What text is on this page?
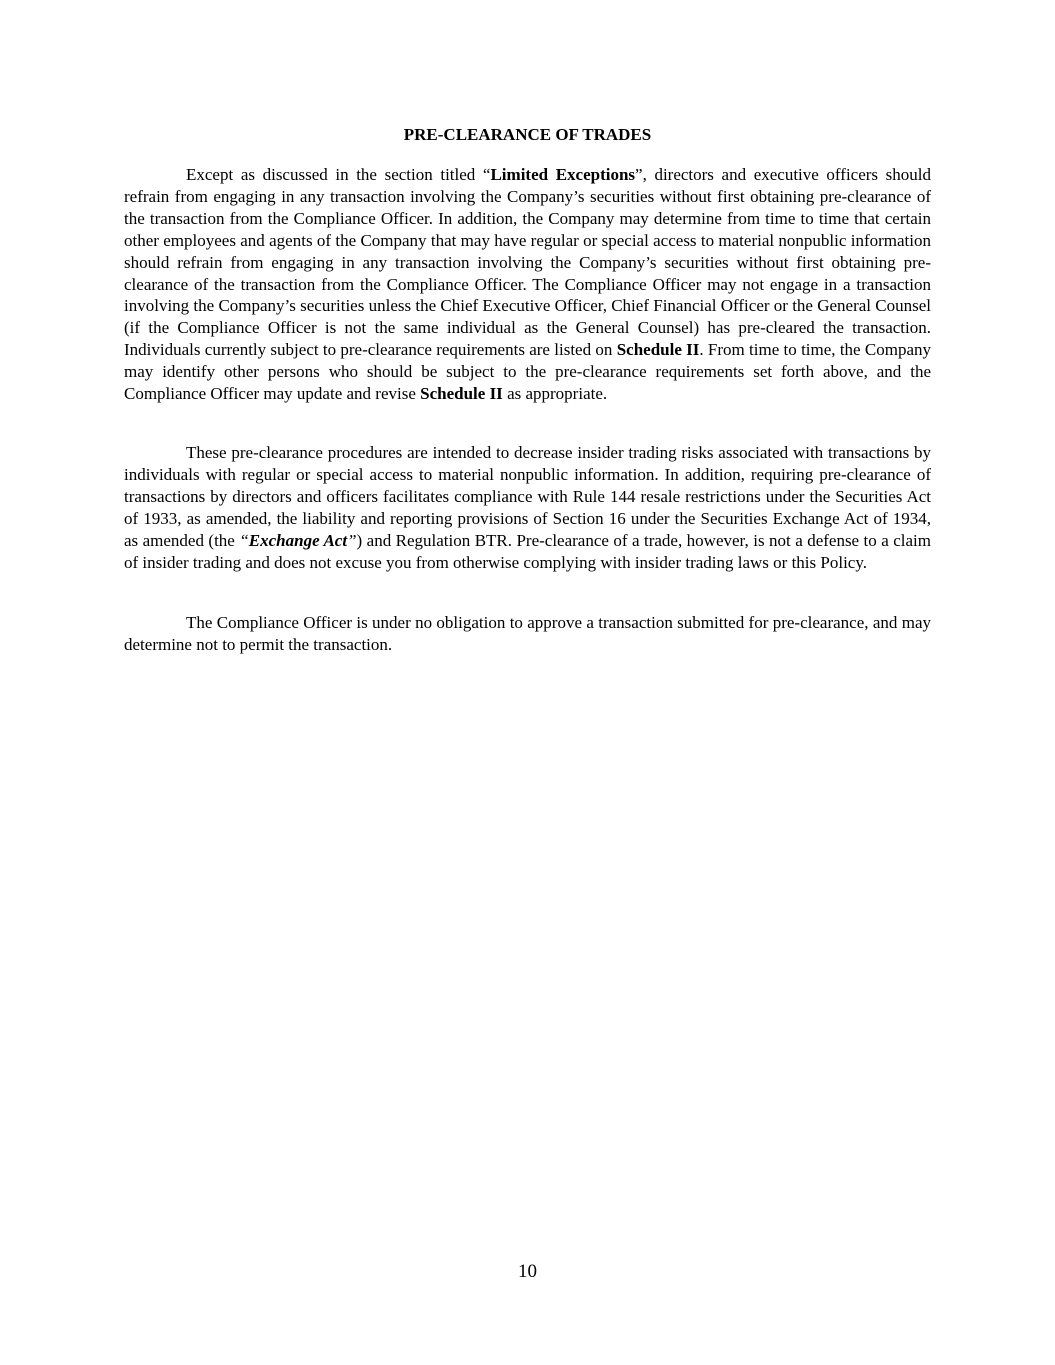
PRE-CLEARANCE OF TRADES

Except as discussed in the section titled “Limited Exceptions”, directors and executive officers should refrain from engaging in any transaction involving the Company’s securities without first obtaining pre-clearance of the transaction from the Compliance Officer. In addition, the Company may determine from time to time that certain other employees and agents of the Company that may have regular or special access to material nonpublic information should refrain from engaging in any transaction involving the Company’s securities without first obtaining pre-clearance of the transaction from the Compliance Officer. The Compliance Officer may not engage in a transaction involving the Company’s securities unless the Chief Executive Officer, Chief Financial Officer or the General Counsel (if the Compliance Officer is not the same individual as the General Counsel) has pre-cleared the transaction. Individuals currently subject to pre-clearance requirements are listed on Schedule II. From time to time, the Company may identify other persons who should be subject to the pre-clearance requirements set forth above, and the Compliance Officer may update and revise Schedule II as appropriate.

These pre-clearance procedures are intended to decrease insider trading risks associated with transactions by individuals with regular or special access to material nonpublic information. In addition, requiring pre-clearance of transactions by directors and officers facilitates compliance with Rule 144 resale restrictions under the Securities Act of 1933, as amended, the liability and reporting provisions of Section 16 under the Securities Exchange Act of 1934, as amended (the “Exchange Act”) and Regulation BTR. Pre-clearance of a trade, however, is not a defense to a claim of insider trading and does not excuse you from otherwise complying with insider trading laws or this Policy.

The Compliance Officer is under no obligation to approve a transaction submitted for pre-clearance, and may determine not to permit the transaction.

10
